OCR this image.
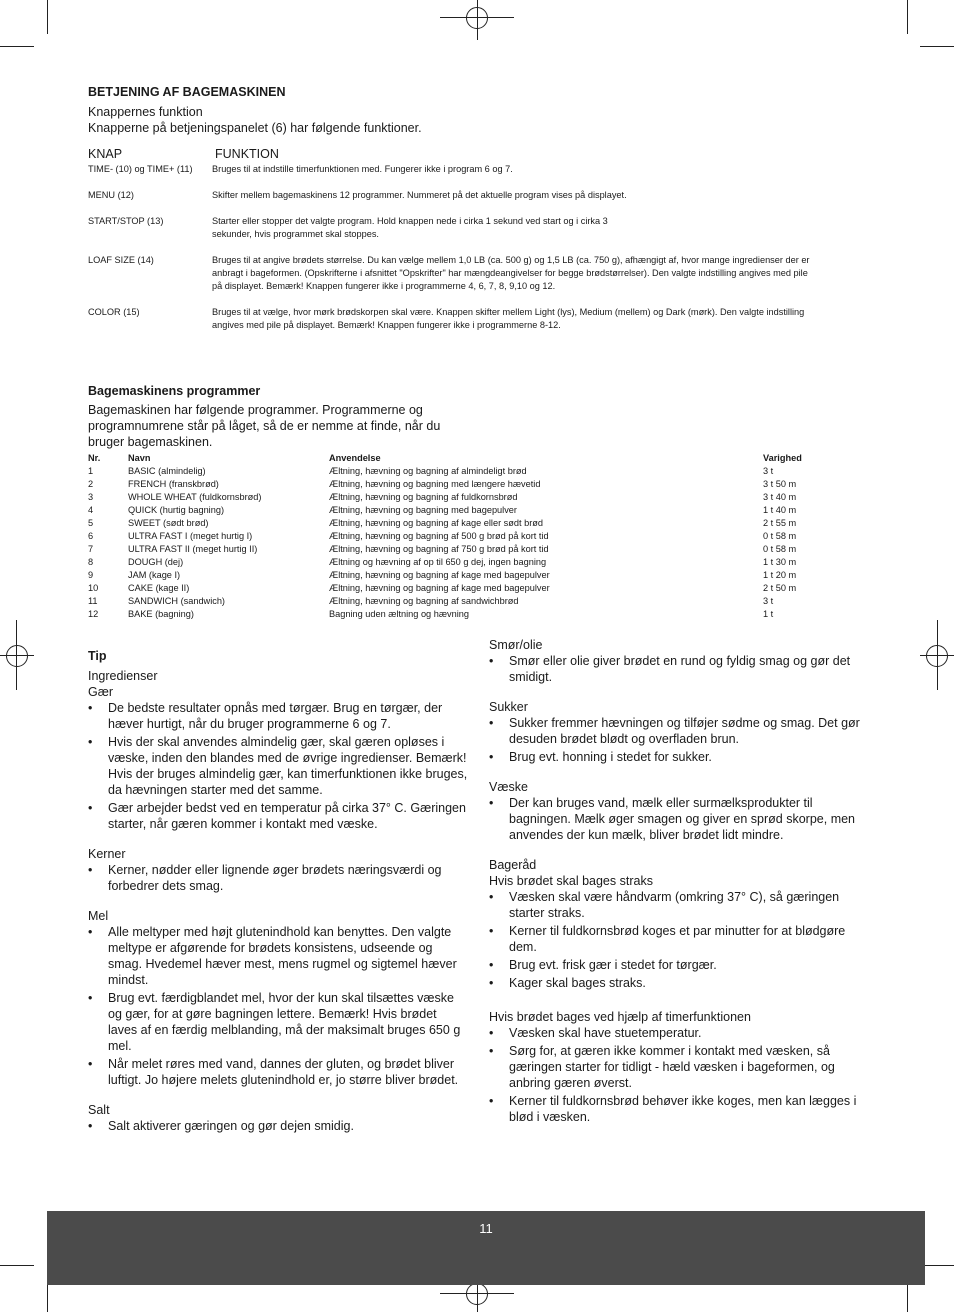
BETJENING AF BAGEMASKINEN
Knappernes funktion
Knapperne på betjeningspanelet (6) har følgende funktioner.
KNAP	FUNKTION
TIME- (10) og TIME+ (11)	Bruges til at indstille timerfunktionen med. Fungerer ikke i program 6 og 7.
MENU (12)	Skifter mellem bagemaskinens 12 programmer. Nummeret på det aktuelle program vises på displayet.
START/STOP (13)	Starter eller stopper det valgte program. Hold knappen nede i cirka 1 sekund ved start og i cirka 3
sekunder, hvis programmet skal stoppes.
LOAF SIZE (14)	Bruges til at angive brødets størrelse. Du kan vælge mellem 1,0 LB (ca. 500 g) og 1,5 LB (ca. 750 g), afhængigt af, hvor mange ingredienser der er
anbragt i bageformen. (Opskrifterne i afsnittet "Opskrifter" har mængdeangivelser for begge brødstørrelser). Den valgte indstilling angives med pile
på displayet. Bemærk! Knappen fungerer ikke i programmerne 4, 6, 7, 8, 9,10 og 12.
COLOR (15)	Bruges til at vælge, hvor mørk brødskorpen skal være. Knappen skifter mellem Light (lys), Medium (mellem) og Dark (mørk). Den valgte indstilling
angives med pile på displayet. Bemærk! Knappen fungerer ikke i programmerne 8-12.
Bagemaskinens programmer
Bagemaskinen har følgende programmer. Programmerne og
programnumrene står på låget, så de er nemme at finde, når du
bruger bagemaskinen.
Nr.	Navn	Anvendelse	Varighed
1	BASIC (almindelig)	Æltning, hævning og bagning af almindeligt brød	3 t
2	FRENCH (franskbrød)	Æltning, hævning og bagning med længere hævetid	3 t 50 m
3	WHOLE WHEAT (fuldkornsbrød)	Æltning, hævning og bagning af fuldkornsbrød	3 t 40 m
4	QUICK (hurtig bagning)	Æltning, hævning og bagning med bagepulver	1 t 40 m
5	SWEET (sødt brød)	Æltning, hævning og bagning af kage eller sødt brød	2 t 55 m
6	ULTRA FAST I (meget hurtig I)	Æltning, hævning og bagning af 500 g brød på kort tid	0 t 58 m
7	ULTRA FAST II (meget hurtig II)	Æltning, hævning og bagning af 750 g brød på kort tid	0 t 58 m
8	DOUGH (dej)	Æltning og hævning af op til 650 g dej, ingen bagning	1 t 30 m
9	JAM (kage I)	Æltning, hævning og bagning af kage med bagepulver	1 t 20 m
10	CAKE (kage II)	Æltning, hævning og bagning af kage med bagepulver	2 t 50 m
11	SANDWICH (sandwich)	Æltning, hævning og bagning af sandwichbrød	3 t
12	BAKE (bagning)	Bagning uden æltning og hævning	1 t
Tip
Ingredienser
Gær
• De bedste resultater opnås med tørgær. Brug en tørgær, der hæver hurtigt, når du bruger programmerne 6 og 7.
• Hvis der skal anvendes almindelig gær, skal gæren opløses i væske, inden den blandes med de øvrige ingredienser. Bemærk! Hvis der bruges almindelig gær, kan timerfunktionen ikke bruges, da hævningen starter med det samme.
• Gær arbejder bedst ved en temperatur på cirka 37° C. Gæringen starter, når gæren kommer i kontakt med væske.
Kerner
• Kerner, nødder eller lignende øger brødets næringsværdi og forbedrer dets smag.
Mel
• Alle meltyper med højt glutenindhold kan benyttes. Den valgte meltype er afgørende for brødets konsistens, udseende og smag. Hvedemel hæver mest, mens rugmel og sigtemel hæver mindst.
• Brug evt. færdigblandet mel, hvor der kun skal tilsættes væske og gær, for at gøre bagningen lettere. Bemærk! Hvis brødet laves af en færdig melblanding, må der maksimalt bruges 650 g mel.
• Når melet røres med vand, dannes der gluten, og brødet bliver luftigt. Jo højere melets glutenindhold er, jo større bliver brødet.
Salt
• Salt aktiverer gæringen og gør dejen smidig.
Smør/olie
• Smør eller olie giver brødet en rund og fyldig smag og gør det smidigt.
Sukker
• Sukker fremmer hævningen og tilføjer sødme og smag. Det gør desuden brødet blødt og overfladen brun.
• Brug evt. honning i stedet for sukker.
Væske
• Der kan bruges vand, mælk eller surmælksprodukter til bagningen. Mælk øger smagen og giver en sprød skorpe, men anvendes der kun mælk, bliver brødet lidt mindre.
Bageråd
Hvis brødet skal bages straks
• Væsken skal være håndvarm (omkring 37° C), så gæringen starter straks.
• Kerner til fuldkornsbrød koges et par minutter for at blødgøre dem.
• Brug evt. frisk gær i stedet for tørgær.
• Kager skal bages straks.
Hvis brødet bages ved hjælp af timerfunktionen
• Væsken skal have stuetemperatur.
• Sørg for, at gæren ikke kommer i kontakt med væsken, så gæringen starter for tidligt - hæld væsken i bageformen, og anbring gæren øverst.
• Kerner til fuldkornsbrød behøver ikke koges, men kan lægges i blød i væsken.
11
